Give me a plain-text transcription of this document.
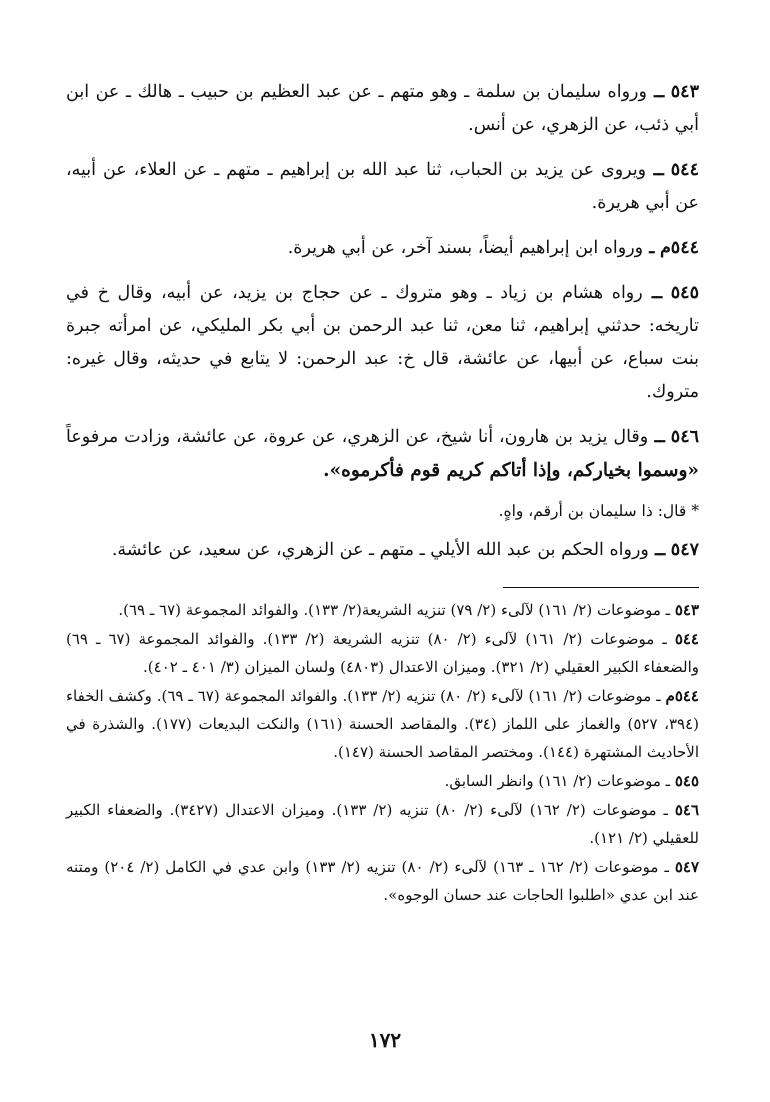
٥٤٣ ــ ورواه سليمان بن سلمة ـ وهو متهم ـ عن عبد العظيم بن حبيب ـ هالك ـ عن ابن أبي ذئب، عن الزهري، عن أنس.

٥٤٤ ــ ويروى عن يزيد بن الحباب، ثنا عبد الله بن إبراهيم ـ متهم ـ عن العلاء، عن أبيه، عن أبي هريرة.

٥٤٤م ـ ورواه ابن إبراهيم أيضاً، بسند آخر، عن أبي هريرة.

٥٤٥ ــ رواه هشام بن زياد ـ وهو متروك ـ عن حجاج بن يزيد، عن أبيه، وقال خ في تاريخه: حدثني إبراهيم، ثنا معن، ثنا عبد الرحمن بن أبي بكر المليكي، عن امرأته جبرة بنت سباع، عن أبيها، عن عائشة، قال خ: عبد الرحمن: لا يتابع في حديثه، وقال غيره: متروك.

٥٤٦ ــ وقال يزيد بن هارون، أنا شيخ، عن الزهري، عن عروة، عن عائشة، وزادت مرفوعاً «وسموا بخياركم، وإذا أتاكم كريم قوم فأكرموه».

* قال: ذا سليمان بن أرقم، واهٍ.

٥٤٧ ــ ورواه الحكم بن عبد الله الأيلي ـ متهم ـ عن الزهري، عن سعيد، عن عائشة.

٥٤٣ ـ موضوعات (٢/ ١٦١) لآلىء (٢/ ٧٩) تنزيه الشريعة(٢/ ١٣٣). والفوائد المجموعة (٦٧ ـ ٦٩).

٥٤٤ ـ موضوعات (٢/ ١٦١) لآلىء (٢/ ٨٠) تنزيه الشريعة (٢/ ١٣٣). والفوائد المجموعة (٦٧ ـ ٦٩) والضعفاء الكبير العقيلي (٢/ ٣٢١). وميزان الاعتدال (٤٨٠٣) ولسان الميزان (٣/ ٤٠١ ـ ٤٠٢).

٥٤٤م ـ موضوعات (٢/ ١٦١) لآلىء (٢/ ٨٠) تنزيه (٢/ ١٣٣). والفوائد المجموعة (٦٧ ـ ٦٩). وكشف الخفاء (٣٩٤، ٥٢٧) والغماز على اللماز (٣٤). والمقاصد الحسنة (١٦١) والنكت البديعات (١٧٧). والشذرة في الأحاديث المشتهرة (١٤٤). ومختصر المقاصد الحسنة (١٤٧).

٥٤٥ ـ موضوعات (٢/ ١٦١) وانظر السابق.

٥٤٦ ـ موضوعات (٢/ ١٦٢) لآلىء (٢/ ٨٠) تنزيه (٢/ ١٣٣). وميزان الاعتدال (٣٤٢٧). والضعفاء الكبير للعقيلي (٢/ ١٢١).

٥٤٧ ـ موضوعات (٢/ ١٦٢ ـ ١٦٣) لآلىء (٢/ ٨٠) تنزيه (٢/ ١٣٣) وابن عدي في الكامل (٢/ ٢٠٤) ومتنه عند ابن عدي «اطلبوا الحاجات عند حسان الوجوه».

١٧٢
